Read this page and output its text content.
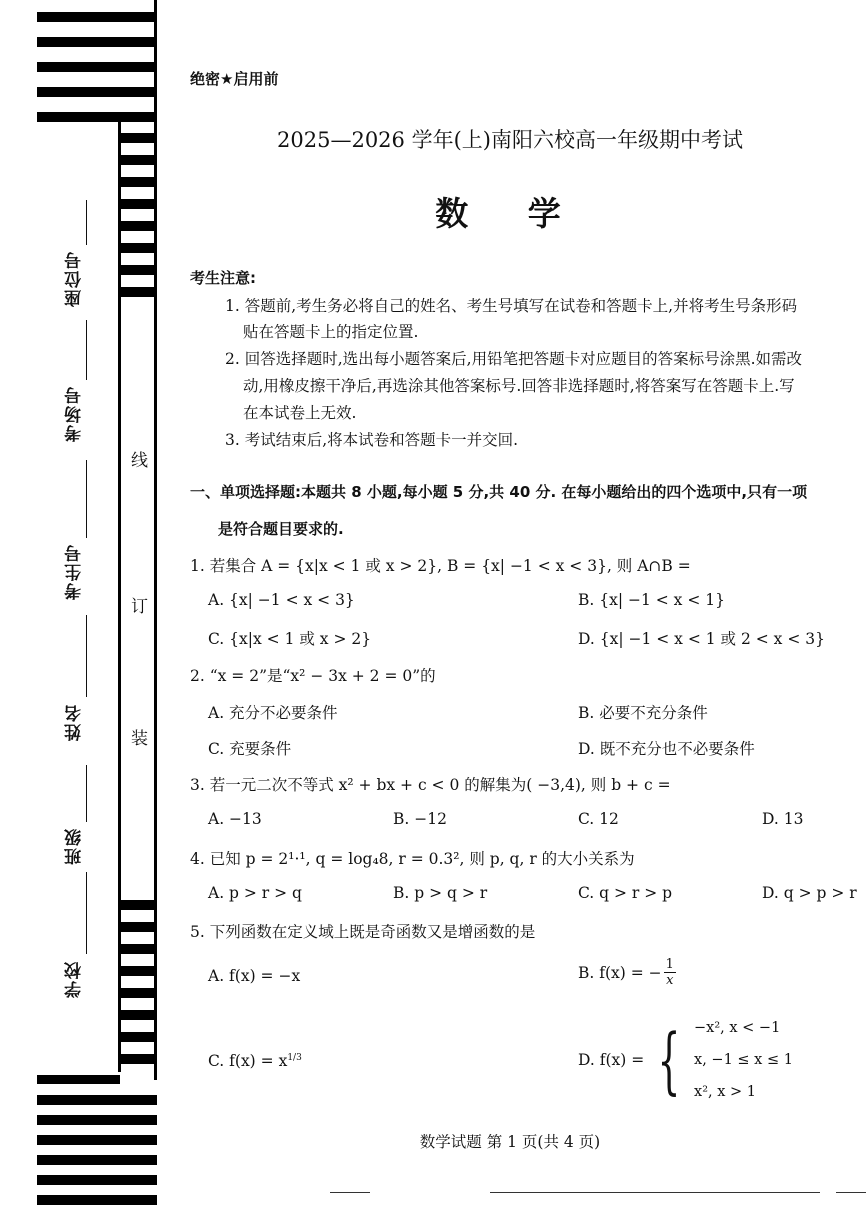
座位号
考场号
考生号
姓名
班级
学校
线
订
装
绝密★启用前
2025—2026 学年(上)南阳六校高一年级期中考试
数 学
考生注意:
1. 答题前,考生务必将自己的姓名、考生号填写在试卷和答题卡上,并将考生号条形码
贴在答题卡上的指定位置.
2. 回答选择题时,选出每小题答案后,用铅笔把答题卡对应题目的答案标号涂黑.如需改
动,用橡皮擦干净后,再选涂其他答案标号.回答非选择题时,将答案写在答题卡上.写
在本试卷上无效.
3. 考试结束后,将本试卷和答题卡一并交回.
一、单项选择题:本题共 8 小题,每小题 5 分,共 40 分. 在每小题给出的四个选项中,只有一项
是符合题目要求的.
1. 若集合 A = {x|x < 1 或 x > 2}, B = {x| −1 < x < 3}, 则 A∩B =
A. {x| −1 < x < 3}	B. {x| −1 < x < 1}
C. {x|x < 1 或 x > 2}	D. {x| −1 < x < 1 或 2 < x < 3}
2. “x = 2”是“x² − 3x + 2 = 0”的
A. 充分不必要条件	B. 必要不充分条件
C. 充要条件	D. 既不充分也不必要条件
3. 若一元二次不等式 x² + bx + c < 0 的解集为( −3,4), 则 b + c =
A. −13	B. −12	C. 12	D. 13
4. 已知 p = 2¹·¹, q = log₄8, r = 0.3², 则 p, q, r 的大小关系为
A. p > r > q	B. p > q > r	C. q > r > p	D. q > p > r
5. 下列函数在定义域上既是奇函数又是增函数的是
A. f(x) = −x	B. f(x) = − $\frac{1}{x}$
C. $f(x) = x^{1/3}$	D. f(x) = { −x², x < −1
x, −1 ≤ x ≤ 1
x², x > 1
数学试题 第 1 页(共 4 页)
